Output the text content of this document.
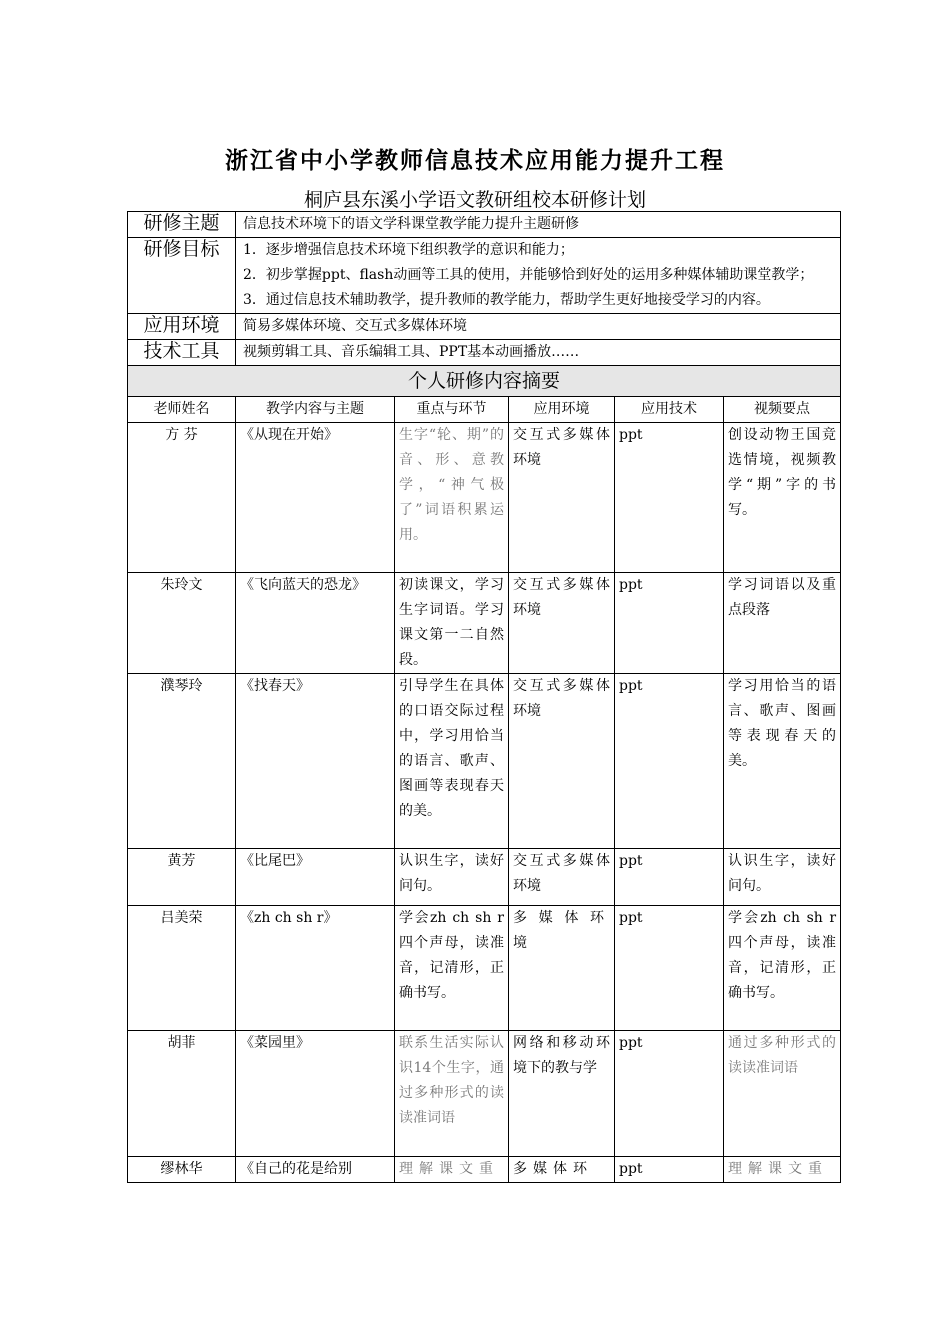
浙江省中小学教师信息技术应用能力提升工程
桐庐县东溪小学语文教研组校本研修计划
研修主题	信息技术环境下的语文学科课堂教学能力提升主题研修				
研修目标	1．逐步增强信息技术环境下组织教学的意识和能力；
2．初步掌握ppt、flash动画等工具的使用，并能够恰到好处的运用多种媒体辅助课堂教学；
3．通过信息技术辅助教学，提升教师的教学能力，帮助学生更好地接受学习的内容。				

应用环境	简易多媒体环境、交互式多媒体环境				
技术工具	视频剪辑工具、音乐编辑工具、PPT基本动画播放……				
个人研修内容摘要					
老师姓名	教学内容与主题	重点与环节	应用环境	应用技术	视频要点
方 芬	《从现在开始》	生字“轮、期”的音、形、意教学，“神气极了”词语积累运用。	交互式多媒体环境	ppt	创设动物王国竞选情境，视频教学“期”字的书写。
朱玲文	《飞向蓝天的恐龙》	初读课文，学习生字词语。学习课文第一二自然段。	交互式多媒体环境	ppt	学习词语以及重点段落
濮琴玲	《找春天》	引导学生在具体的口语交际过程中，学习用恰当的语言、歌声、图画等表现春天的美。	交互式多媒体环境	ppt	学习用恰当的语言、歌声、图画等表现春天的美。
黄芳	《比尾巴》	认识生字，读好问句。	交互式多媒体环境	ppt	认识生字，读好问句。
吕美荣	《zh ch sh r》	学会zh ch sh r四个声母，读准音，记清形，正确书写。	多媒体环境	ppt	学会zh ch sh r四个声母，读准音，记清形，正确书写。
胡菲	《菜园里》	联系生活实际认识14个生字，通过多种形式的读读准词语	网络和移动环境下的教与学	ppt	通过多种形式的读读准词语
缪林华	《自己的花是给别	理解课文重	多媒体环	ppt	理解课文重
